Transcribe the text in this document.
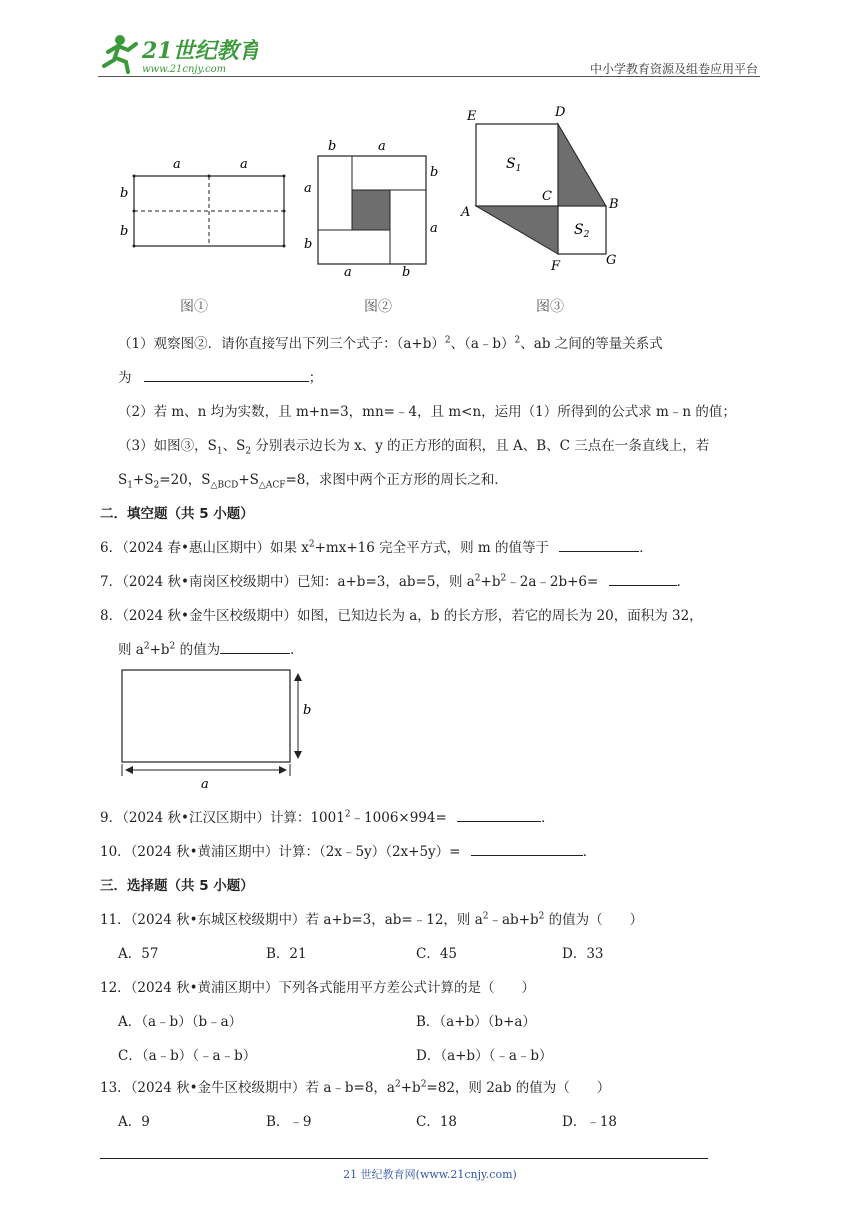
21世纪教育
www.21cnjy.com	中小学教育资源及组卷应用平台
a	a
b
b
图①
b	a
b
a
a
b
a	b
图②
E	D
C
B
A
F	G
$S_1$
$S_2$
图③
（1）观察图②．请你直接写出下列三个式子：$(a+b)^2$、（a﹣b）$^2$、ab 之间的等量关系式
为	；
（2）若 m、n 均为实数，且 m+n=3，mn=﹣4，且 m<n，运用（1）所得到的公式求 m﹣n 的值；
（3）如图③，$S_1$、$S_2$ 分别表示边长为 x、y 的正方形的面积，且 A、B、C 三点在一条直线上，若
$S_1+S_2=20$，$S_{\triangle BCD}+S_{\triangle ACF}=8$，求图中两个正方形的周长之和．
二．填空题（共 5 小题）
6．（2024 春•惠山区期中）如果 $x^2+mx+16$ 完全平方式，则 m 的值等于	．
7．（2024 秋•南岗区校级期中）已知：a+b=3，ab=5，则 $a^2+b^2﹣2a﹣2b+6=$	．
8．（2024 秋•金牛区校级期中）如图，已知边长为 a，b 的长方形，若它的周长为 20，面积为 32，
则 $a^2+b^2$ 的值为	．
a
b
9．（2024 秋•江汉区期中）计算：$1001^2﹣1006\times 994=$	．
10．（2024 秋•黄浦区期中）计算：（2x﹣5y）（2x+5y）=	．
三．选择题（共 5 小题）
11．（2024 秋•东城区校级期中）若 a+b=3，ab=﹣12，则 $a^2﹣ab+b^2$ 的值为（　　）
A．57	B．21	C．45	D．33
12．（2024 秋•黄浦区期中）下列各式能用平方差公式计算的是（　　）
A．（a﹣b）（b﹣a）	B．（a+b）（b+a）
C．（a﹣b）（﹣a﹣b）	D．（a+b）（﹣a﹣b）
13．（2024 秋•金牛区校级期中）若 a﹣b=8，$a^2+b^2=82$，则 2ab 的值为（　　）
A．9	B．﹣9	C．18	D．﹣18
21 世纪教育网(www.21cnjy.com)
